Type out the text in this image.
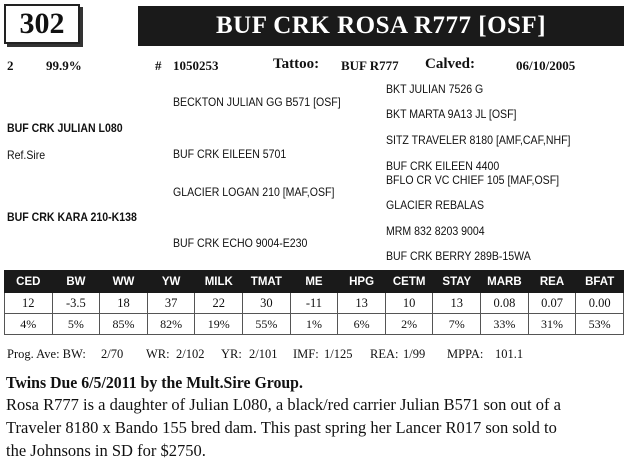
302	BUF CRK ROSA R777 [OSF]
2	99.9%	# 1050253	Tattoo: BUF R777 Calved:	06/10/2005
BUF CRK JULIAN L080
Ref.Sire
BUF CRK KARA 210-K138
BECKTON JULIAN GG B571 [OSF]
BUF CRK EILEEN 5701
GLACIER LOGAN 210 [MAF,OSF]
BUF CRK ECHO 9004-E230
BKT JULIAN 7526 G
BKT MARTA 9A13 JL [OSF]
SITZ TRAVELER 8180 [AMF,CAF,NHF]
BUF CRK EILEEN 4400
BFLO CR VC CHIEF 105 [MAF,OSF]
GLACIER REBALAS
MRM 832 8203 9004
BUF CRK BERRY 289B-15WA
CED	BW	WW	YW	MILK	TMAT	ME	HPG	CETM	STAY	MARB	REA	BFAT
12	-3.5	18	37	22	30	-11	13	10	13	0.08	0.07	0.00
4%	5%	85%	82%	19%	55%	1%	6%	2%	7%	33%	31%	53%
Prog. Ave: BW: 2/70 WR: 2/102 YR: 2/101 IMF: 1/125 REA: 1/99 MPPA: 101.1
Twins Due 6/5/2011 by the Mult.Sire Group.
Rosa R777 is a daughter of Julian L080, a black/red carrier Julian B571 son out of a
Traveler 8180 x Bando 155 bred dam. This past spring her Lancer R017 son sold to
the Johnsons in SD for $2750.
